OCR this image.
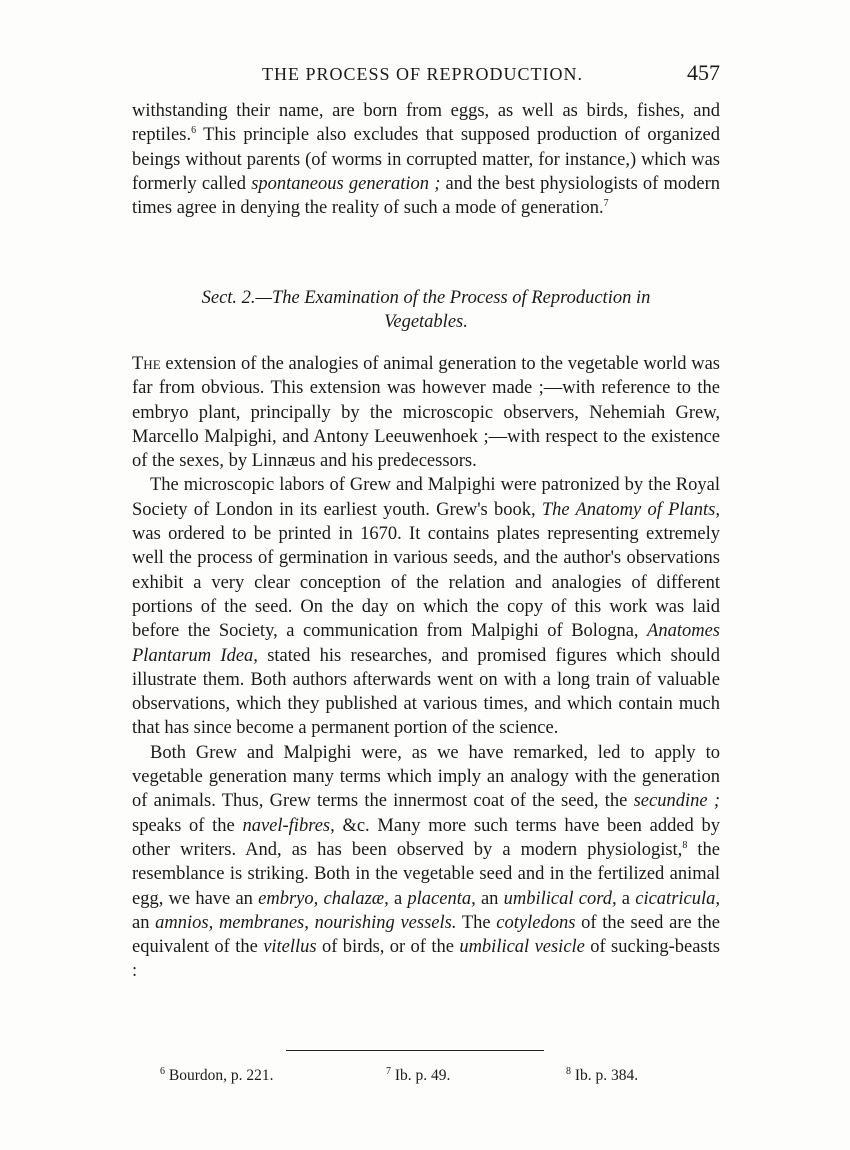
THE PROCESS OF REPRODUCTION.	457

withstanding their name, are born from eggs, as well as birds, fishes, and reptiles.$^6$ This principle also excludes that supposed production of organized beings without parents (of worms in corrupted matter, for instance,) which was formerly called spontaneous generation ; and the best physiologists of modern times agree in denying the reality of such a mode of generation.$^7$

Sect. 2.—The Examination of the Process of Reproduction in
Vegetables.

The extension of the analogies of animal generation to the vegetable world was far from obvious. This extension was however made ;—with reference to the embryo plant, principally by the microscopic observers, Nehemiah Grew, Marcello Malpighi, and Antony Leeuwenhoek ;—with respect to the existence of the sexes, by Linnæus and his predecessors.

The microscopic labors of Grew and Malpighi were patronized by the Royal Society of London in its earliest youth. Grew's book, The Anatomy of Plants, was ordered to be printed in 1670. It contains plates representing extremely well the process of germination in various seeds, and the author's observations exhibit a very clear conception of the relation and analogies of different portions of the seed. On the day on which the copy of this work was laid before the Society, a communication from Malpighi of Bologna, Anatomes Plantarum Idea, stated his researches, and promised figures which should illustrate them. Both authors afterwards went on with a long train of valuable observations, which they published at various times, and which contain much that has since become a permanent portion of the science.

Both Grew and Malpighi were, as we have remarked, led to apply to vegetable generation many terms which imply an analogy with the generation of animals. Thus, Grew terms the innermost coat of the seed, the secundine ; speaks of the navel-fibres, &c. Many more such terms have been added by other writers. And, as has been observed by a modern physiologist,$^8$ the resemblance is striking. Both in the vegetable seed and in the fertilized animal egg, we have an embryo, chalazæ, a placenta, an umbilical cord, a cicatricula, an amnios, membranes, nourishing vessels. The cotyledons of the seed are the equivalent of the vitellus of birds, or of the umbilical vesicle of sucking-beasts :

$^6$ Bourdon, p. 221.	$^7$ Ib. p. 49.	$^8$ Ib. p. 384.
